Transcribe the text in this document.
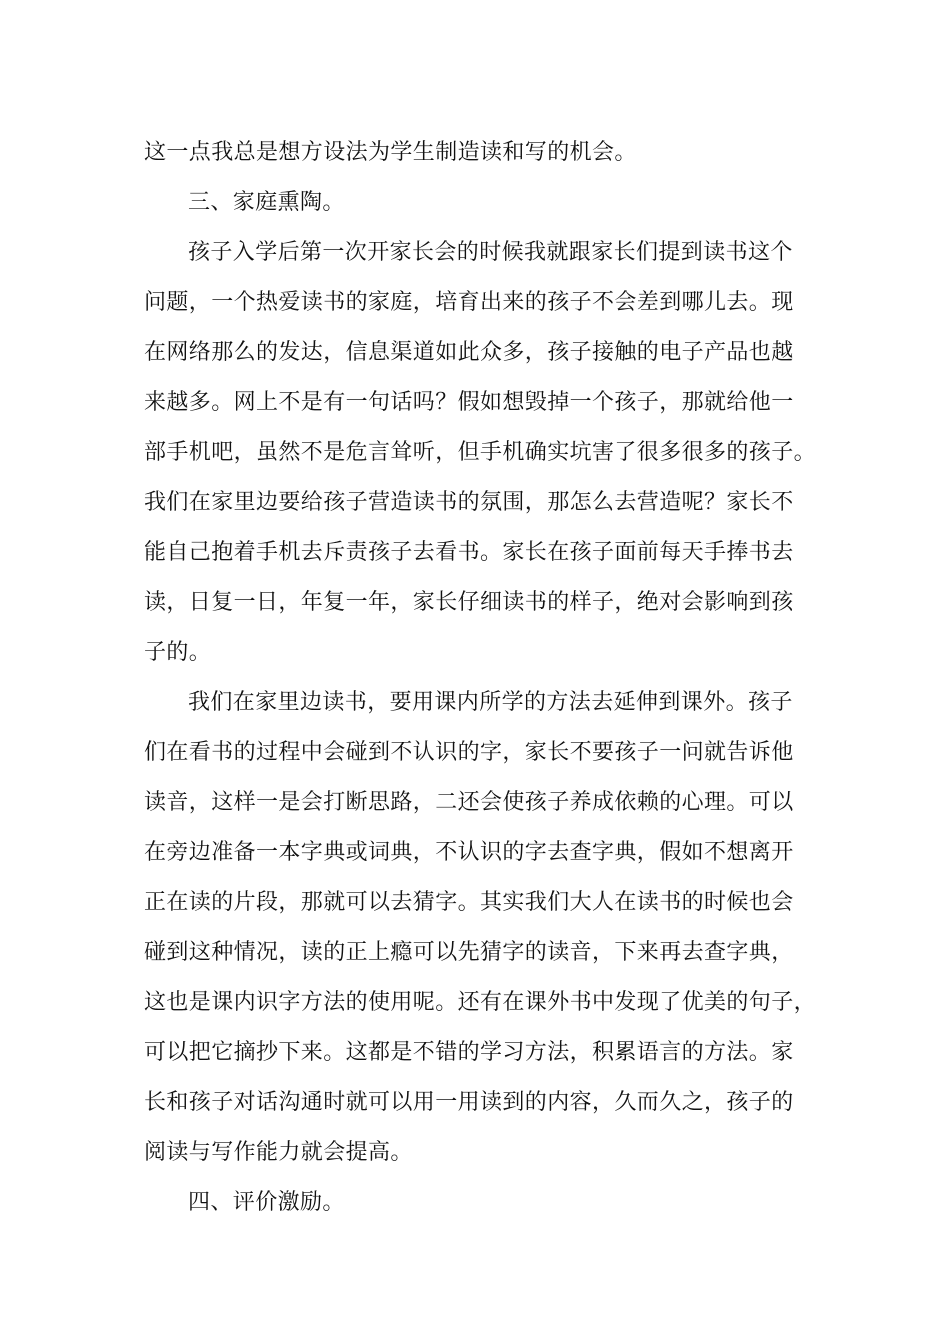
这一点我总是想方设法为学生制造读和写的机会。
三、家庭熏陶。
孩子入学后第一次开家长会的时候我就跟家长们提到读书这个
问题，一个热爱读书的家庭，培育出来的孩子不会差到哪儿去。现
在网络那么的发达，信息渠道如此众多，孩子接触的电子产品也越
来越多。网上不是有一句话吗？假如想毁掉一个孩子，那就给他一
部手机吧，虽然不是危言耸听，但手机确实坑害了很多很多的孩子。
我们在家里边要给孩子营造读书的氛围，那怎么去营造呢？家长不
能自己抱着手机去斥责孩子去看书。家长在孩子面前每天手捧书去
读，日复一日，年复一年，家长仔细读书的样子，绝对会影响到孩
子的。
我们在家里边读书，要用课内所学的方法去延伸到课外。孩子
们在看书的过程中会碰到不认识的字，家长不要孩子一问就告诉他
读音，这样一是会打断思路，二还会使孩子养成依赖的心理。可以
在旁边准备一本字典或词典，不认识的字去查字典，假如不想离开
正在读的片段，那就可以去猜字。其实我们大人在读书的时候也会
碰到这种情况，读的正上瘾可以先猜字的读音，下来再去查字典，
这也是课内识字方法的使用呢。还有在课外书中发现了优美的句子，
可以把它摘抄下来。这都是不错的学习方法，积累语言的方法。家
长和孩子对话沟通时就可以用一用读到的内容，久而久之，孩子的
阅读与写作能力就会提高。
四、评价激励。
